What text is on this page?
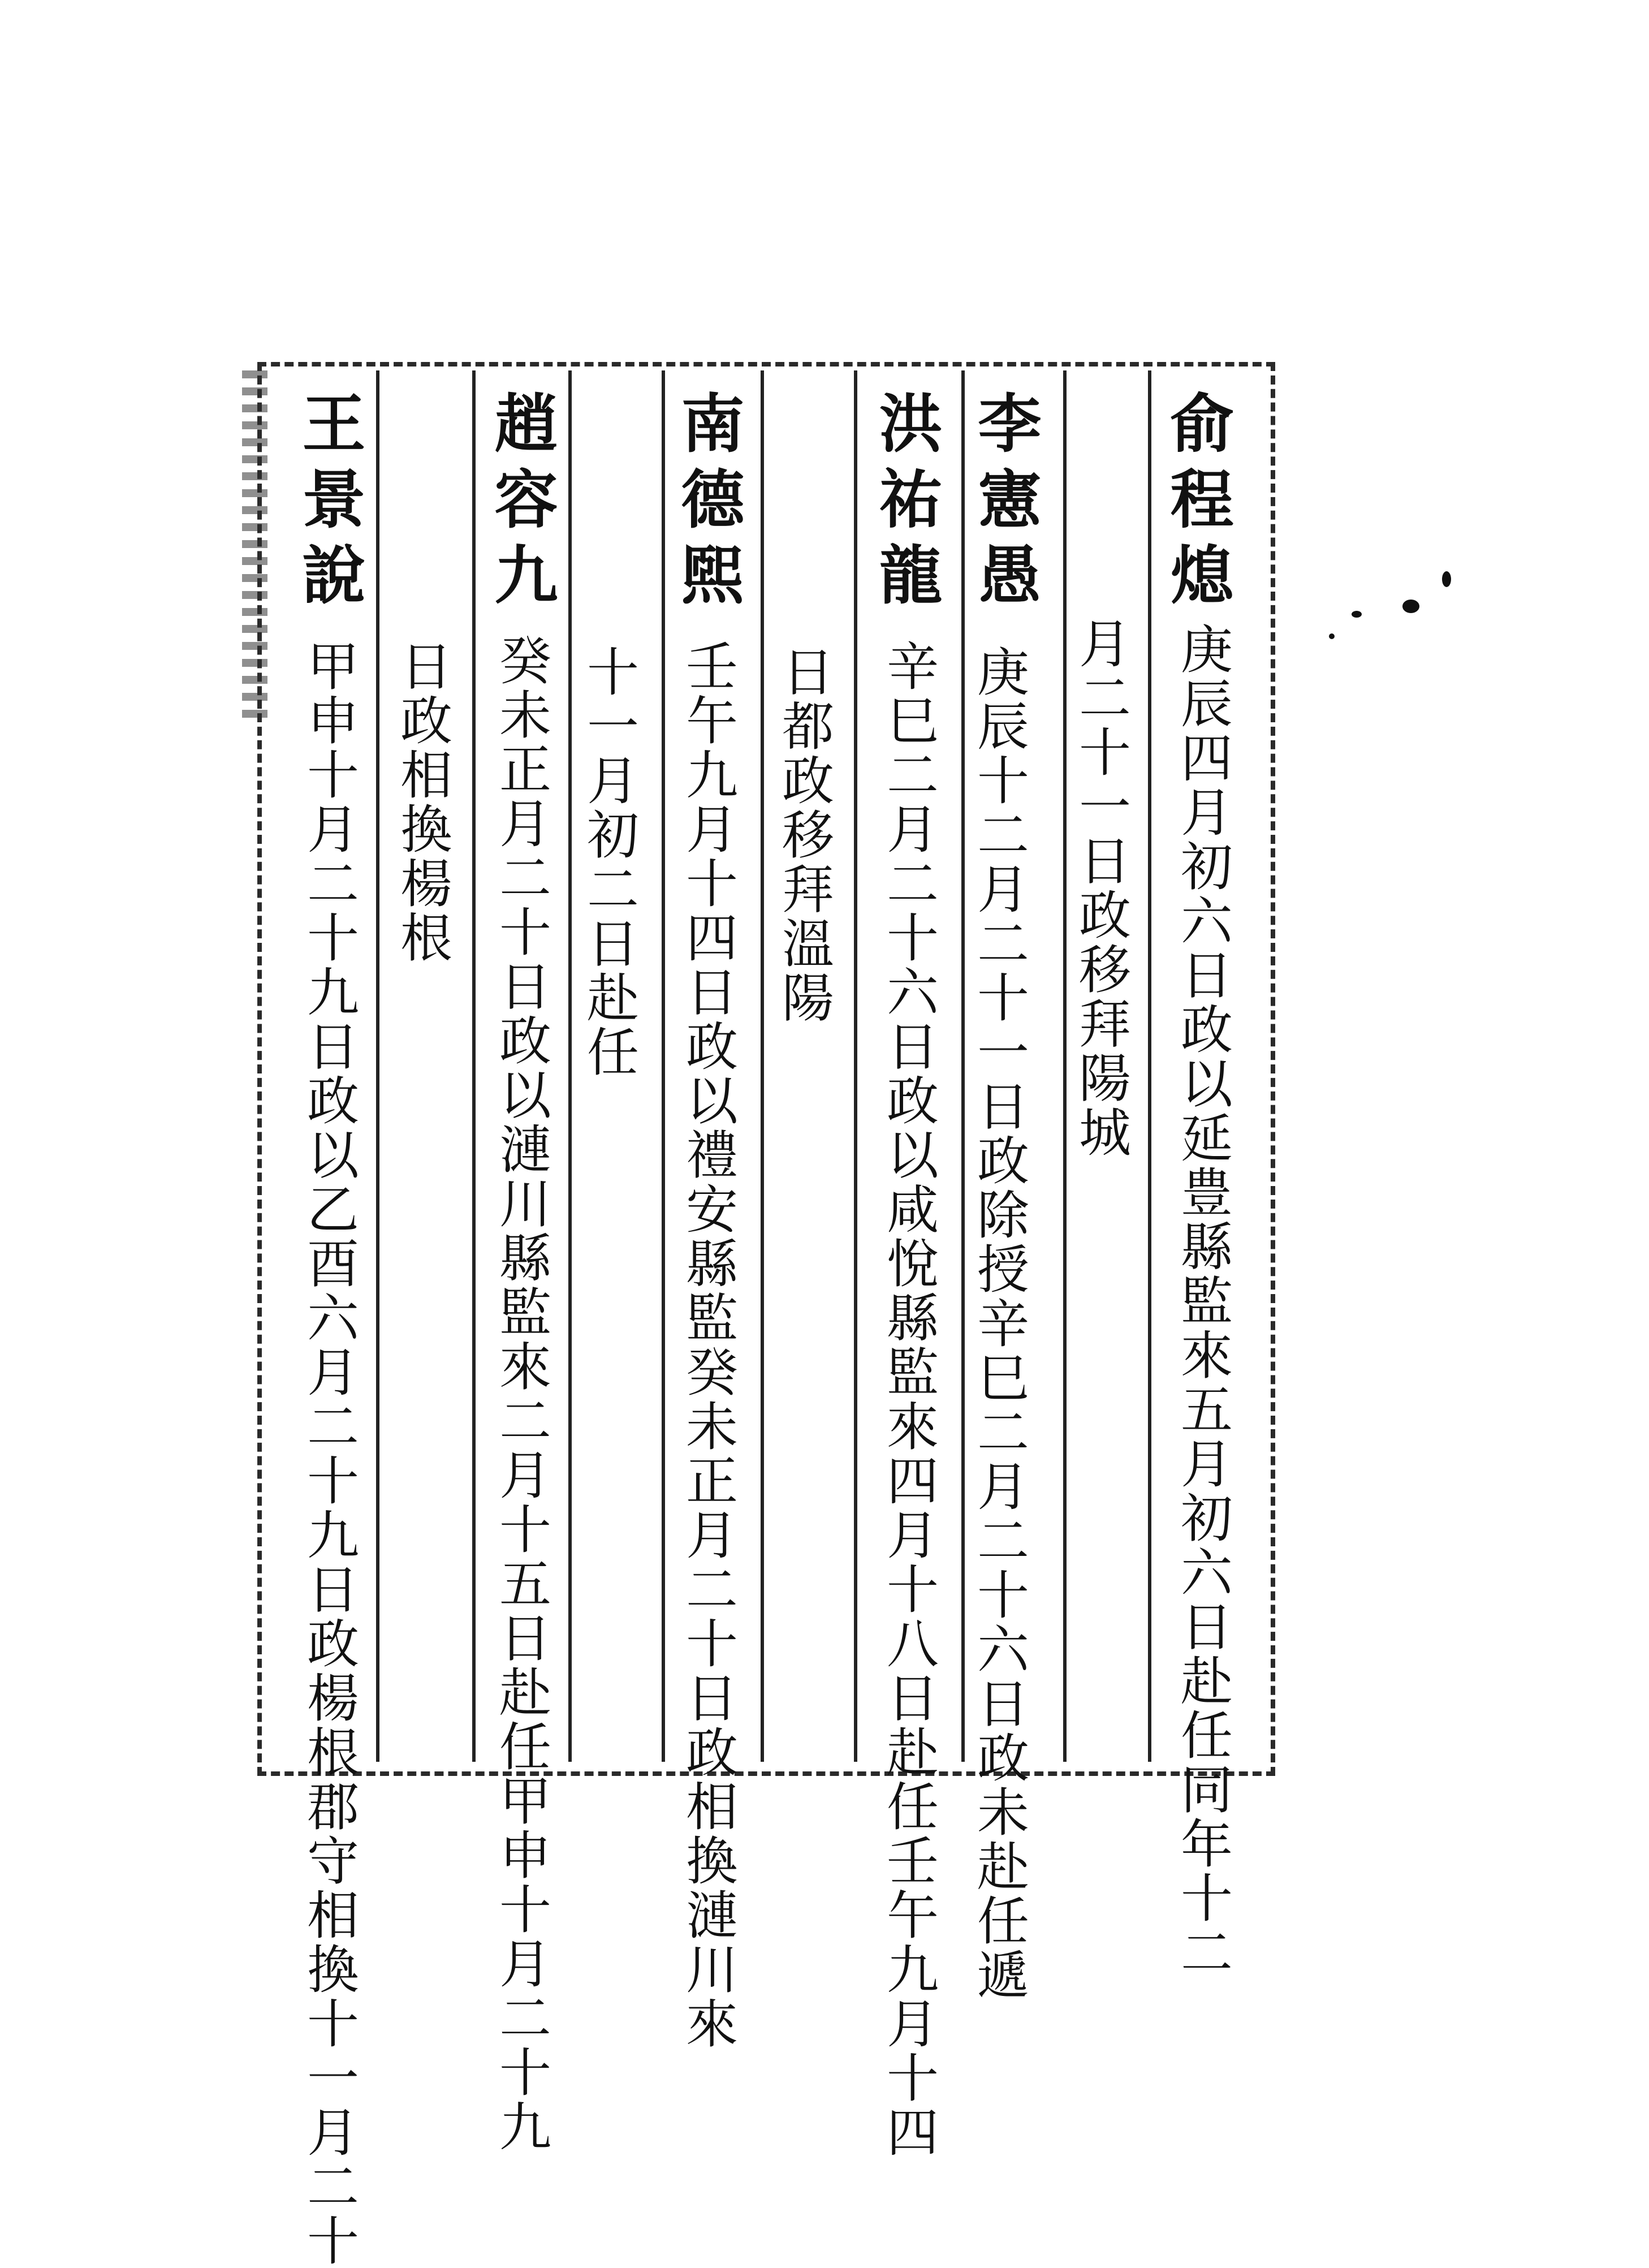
俞程熄
庚辰四月初六日政以延豊縣監來五月初六日赴任同年十二
月二十一日政移拜陽城
李憲愚
庚辰十二月二十一日政除授辛巳二月二十六日政未赴任遞
洪祐龍
辛巳二月二十六日政以咸悅縣監來四月十八日赴任壬午九月十四
日都政移拜溫陽
南德煕
壬午九月十四日政以禮安縣監癸未正月二十日政相換漣川來
十一月初二日赴任
趙容九
癸未正月二十日政以漣川縣監來二月十五日赴任甲申十月二十九
日政相換楊根
王景說
甲申十月二十九日政以乙酉六月二十九日政楊根郡守相換十一月二十
